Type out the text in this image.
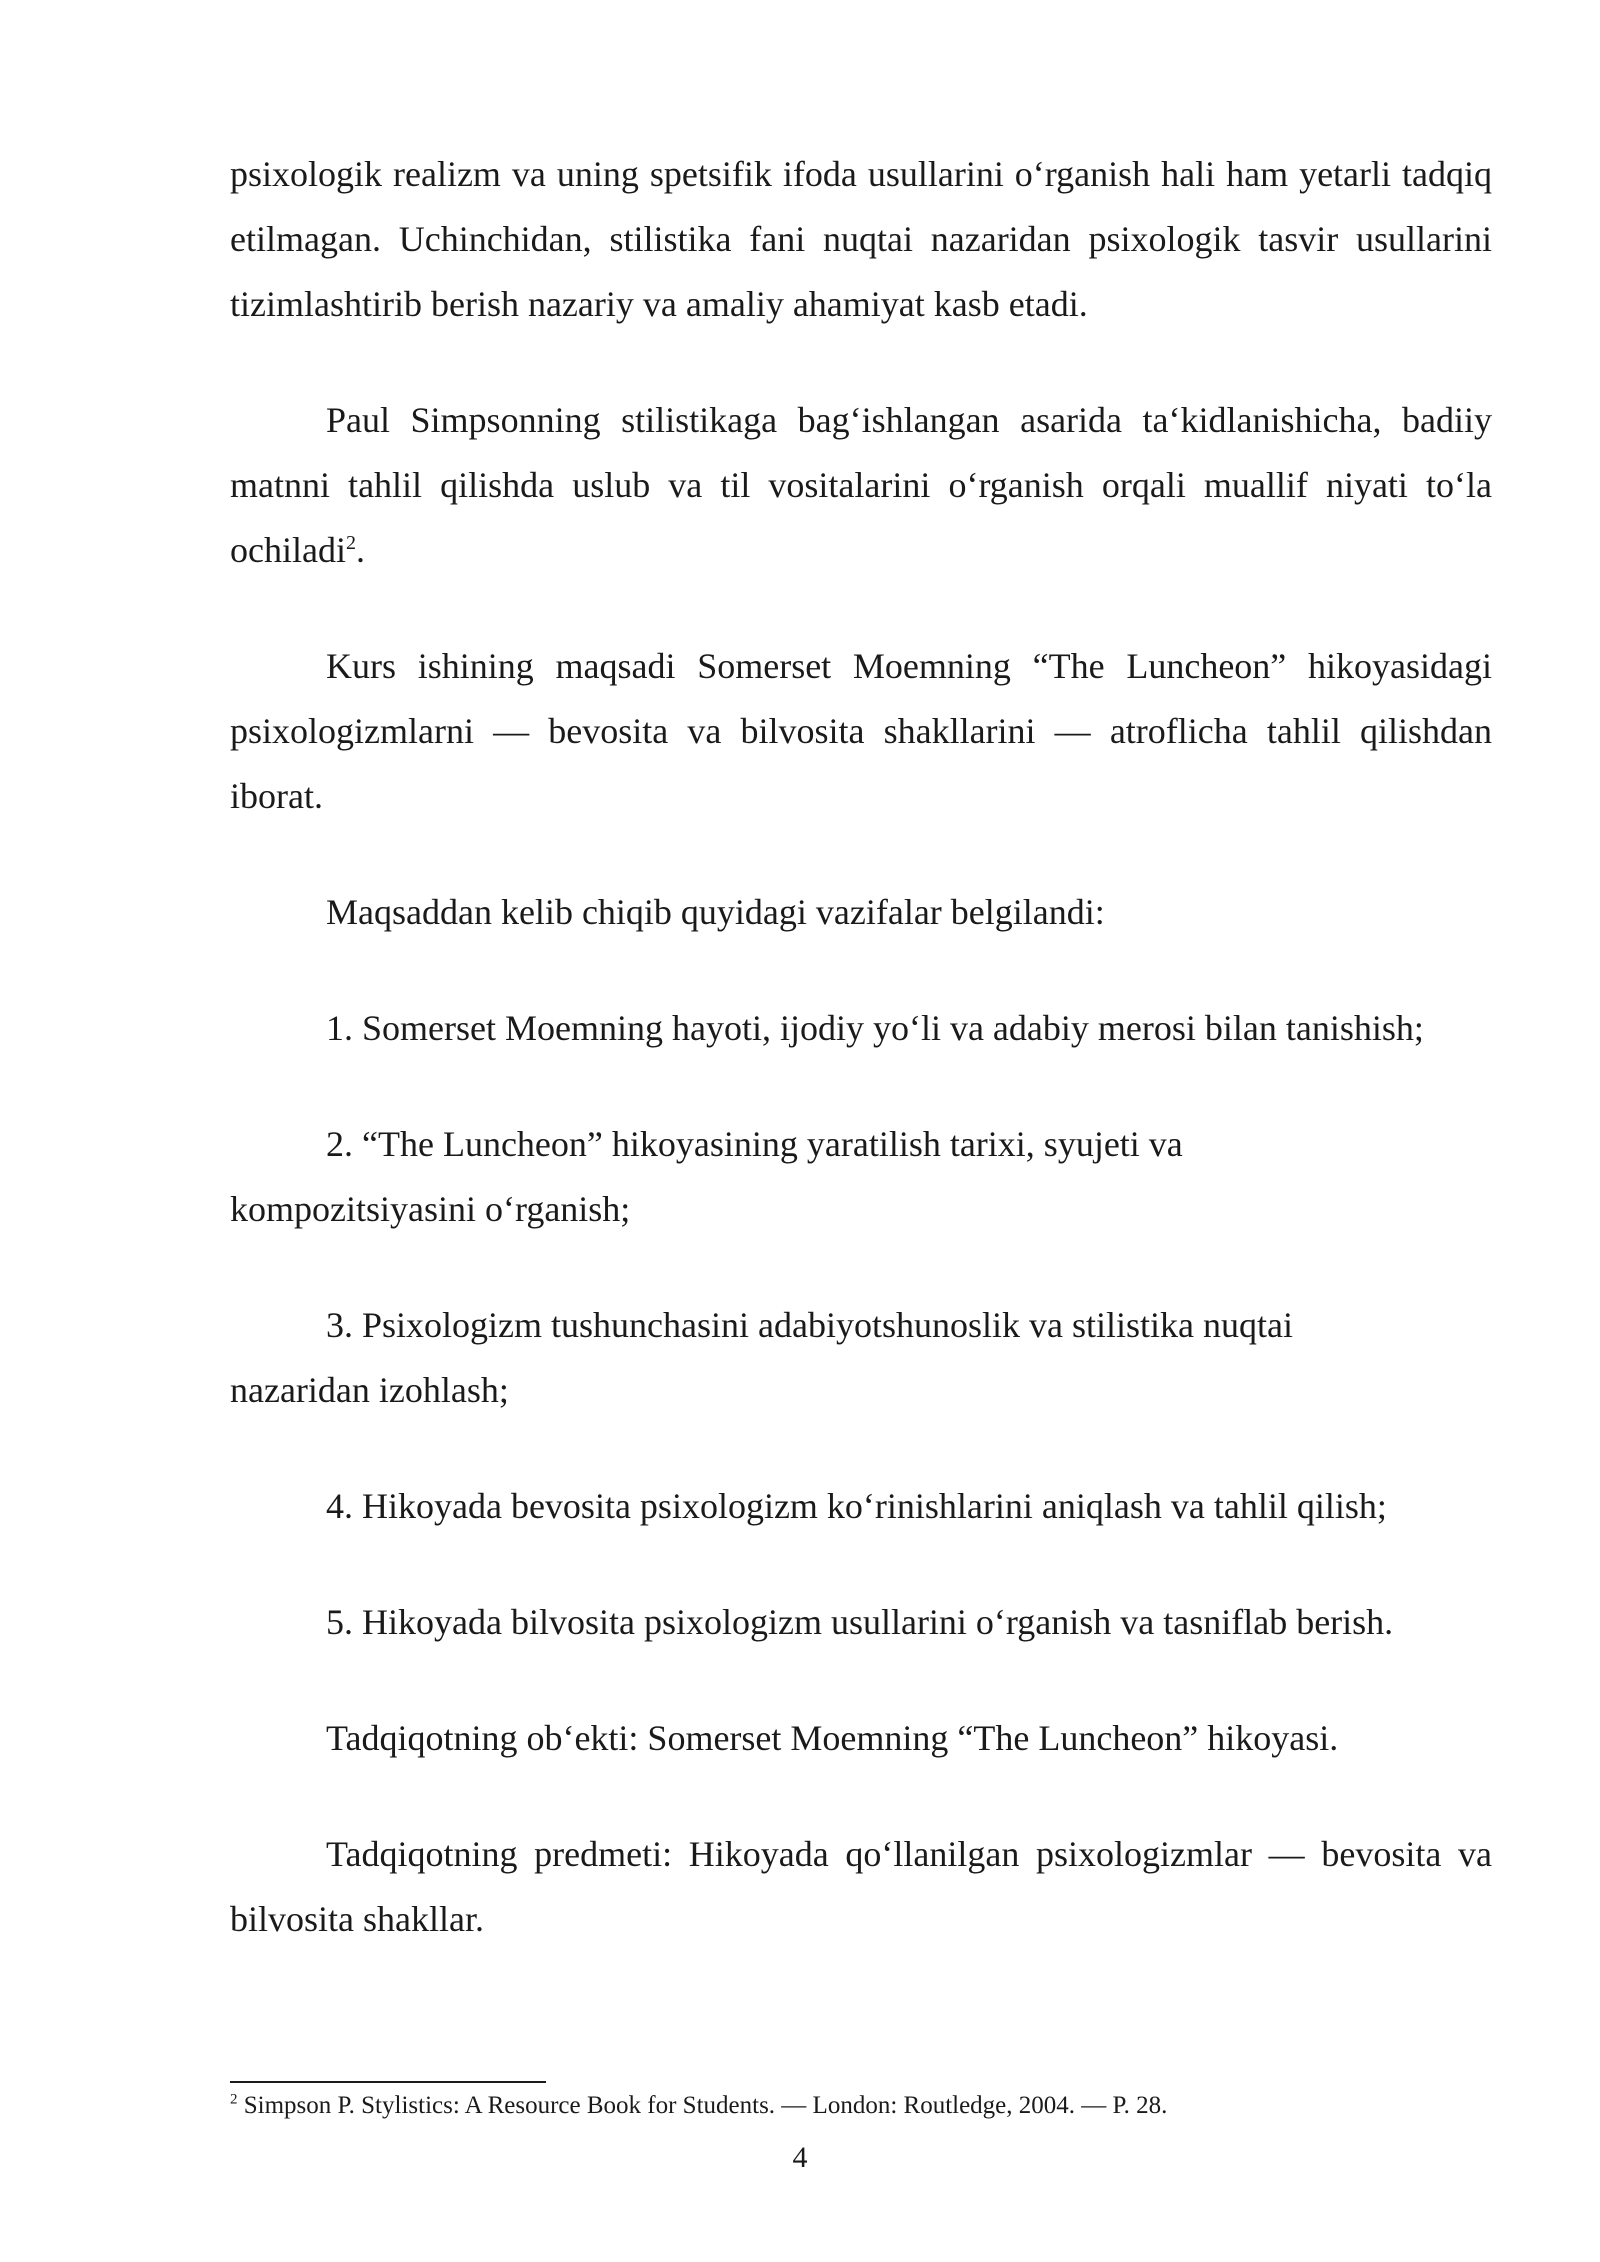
psixologik realizm va uning spetsifik ifoda usullarini o‘rganish hali ham yetarli tadqiq etilmagan. Uchinchidan, stilistika fani nuqtai nazaridan psixologik tasvir usullarini tizimlashtirib berish nazariy va amaliy ahamiyat kasb etadi.

Paul Simpsonning stilistikaga bag‘ishlangan asarida ta‘kidlanishicha, badiiy matnni tahlil qilishda uslub va til vositalarini o‘rganish orqali muallif niyati to‘la ochiladi$^2$.

Kurs ishining maqsadi Somerset Moemning “The Luncheon” hikoyasidagi psixologizmlarni — bevosita va bilvosita shakllarini — atroflicha tahlil qilishdan iborat.

Maqsaddan kelib chiqib quyidagi vazifalar belgilandi:

1. Somerset Moemning hayoti, ijodiy yo‘li va adabiy merosi bilan tanishish;

2. “The Luncheon” hikoyasining yaratilish tarixi, syujeti va kompozitsiyasini o‘rganish;

3. Psixologizm tushunchasini adabiyotshunoslik va stilistika nuqtai nazaridan izohlash;

4. Hikoyada bevosita psixologizm ko‘rinishlarini aniqlash va tahlil qilish;

5. Hikoyada bilvosita psixologizm usullarini o‘rganish va tasniflab berish.

Tadqiqotning ob‘ekti: Somerset Moemning “The Luncheon” hikoyasi.

Tadqiqotning predmeti: Hikoyada qo‘llanilgan psixologizmlar — bevosita va bilvosita shakllar.

$^2$ Simpson P. Stylistics: A Resource Book for Students. — London: Routledge, 2004. — P. 28.
4
